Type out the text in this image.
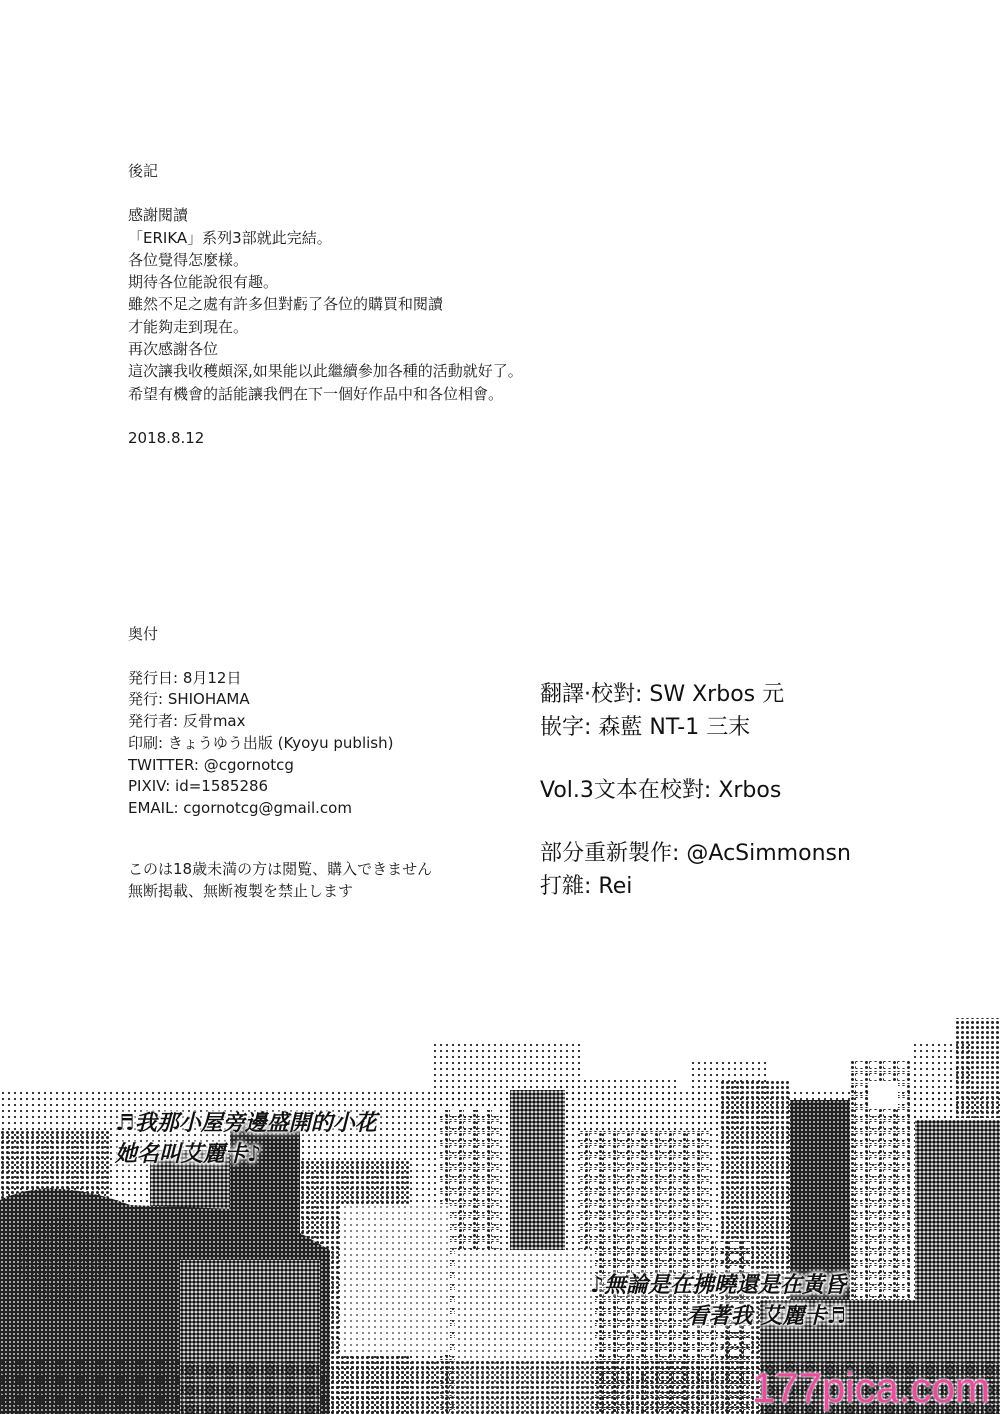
後記
感謝閱讀
「ERIKA」系列3部就此完結。
各位覺得怎麼樣。
期待各位能說很有趣。
雖然不足之處有許多但對虧了各位的購買和閱讀
才能夠走到現在。
再次感謝各位
這次讓我收穫頗深,如果能以此繼續參加各種的活動就好了。
希望有機會的話能讓我們在下一個好作品中和各位相會。
2018.8.12
奥付
発行日: 8月12日
発行: SHIOHAMA
発行者: 反骨max
印刷: きょうゆう出版 (Kyoyu publish)
TWITTER: @cgornotcg
PIXIV: id=1585286
EMAIL: cgornotcg@gmail.com
このは18歳未満の方は閲覧、購入できません
無断掲載、無断複製を禁止します
翻譯·校對: SW Xrbos 元
嵌字: 森藍 NT-1 三末
Vol.3文本在校對: Xrbos
部分重新製作: @AcSimmonsn
打雜: Rei
♬我那小屋旁邊盛開的小花
她名叫艾麗卡♪
♪無論是在拂曉還是在黃昏
看著我 艾麗卡♬
177pica.com
